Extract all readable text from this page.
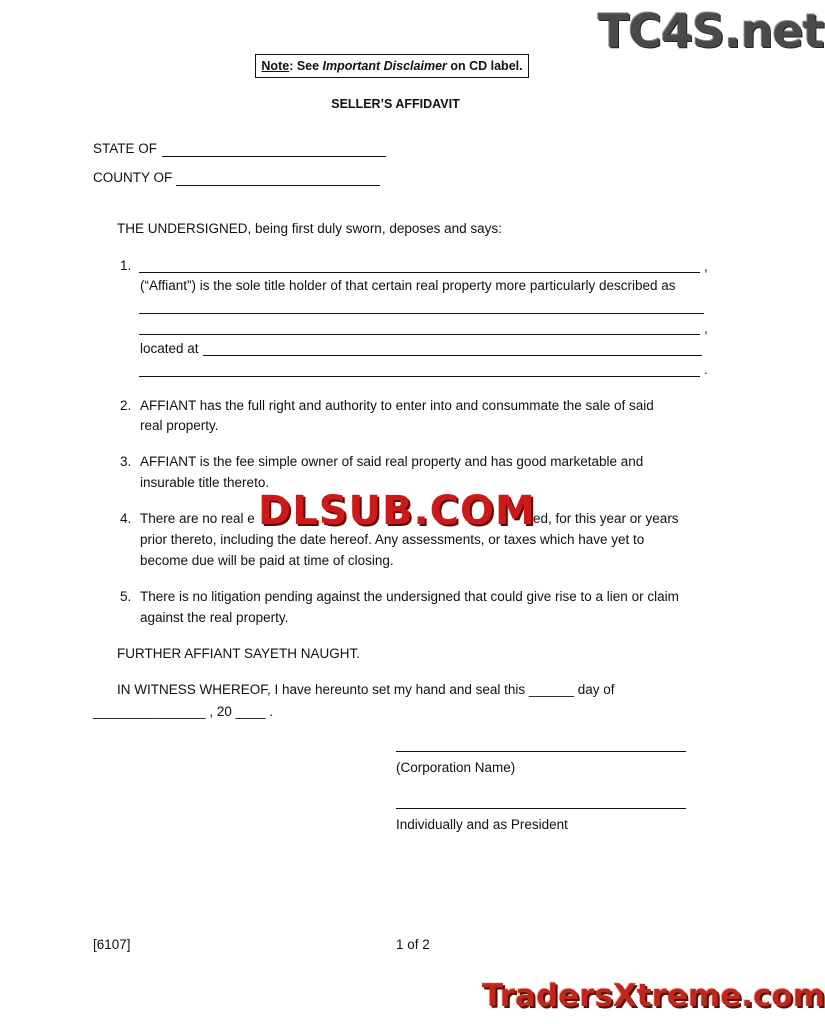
TC4S.net
Note : See Important Disclaimer on CD label.
SELLER’S AFFIDAVIT
STATE OF
COUNTY OF
THE UNDERSIGNED, being first duly sworn, deposes and says:
1.	,
(“Affiant”) is the sole title holder of that certain real property more particularly described as
,
located at
.
2. AFFIANT has the full right and authority to enter into and consummate the sale of said
real property.
3. AFFIANT is the fee simple owner of said real property and has good marketable and
insurable title thereto.
4. There are no real e	ed, for this year or years
prior thereto, including the date hereof. Any assessments, or taxes which have yet to
become due will be paid at time of closing.
DLSUB.COM
5. There is no litigation pending against the undersigned that could give rise to a lien or claim
against the real property.
FURTHER AFFIANT SAYETH NAUGHT.
IN WITNESS WHEREOF, I have hereunto set my hand and seal this ______ day of
_______________ , 20 ____ .
(Corporation Name)
Individually and as President
[6107]	1 of 2
TradersXtreme.com
